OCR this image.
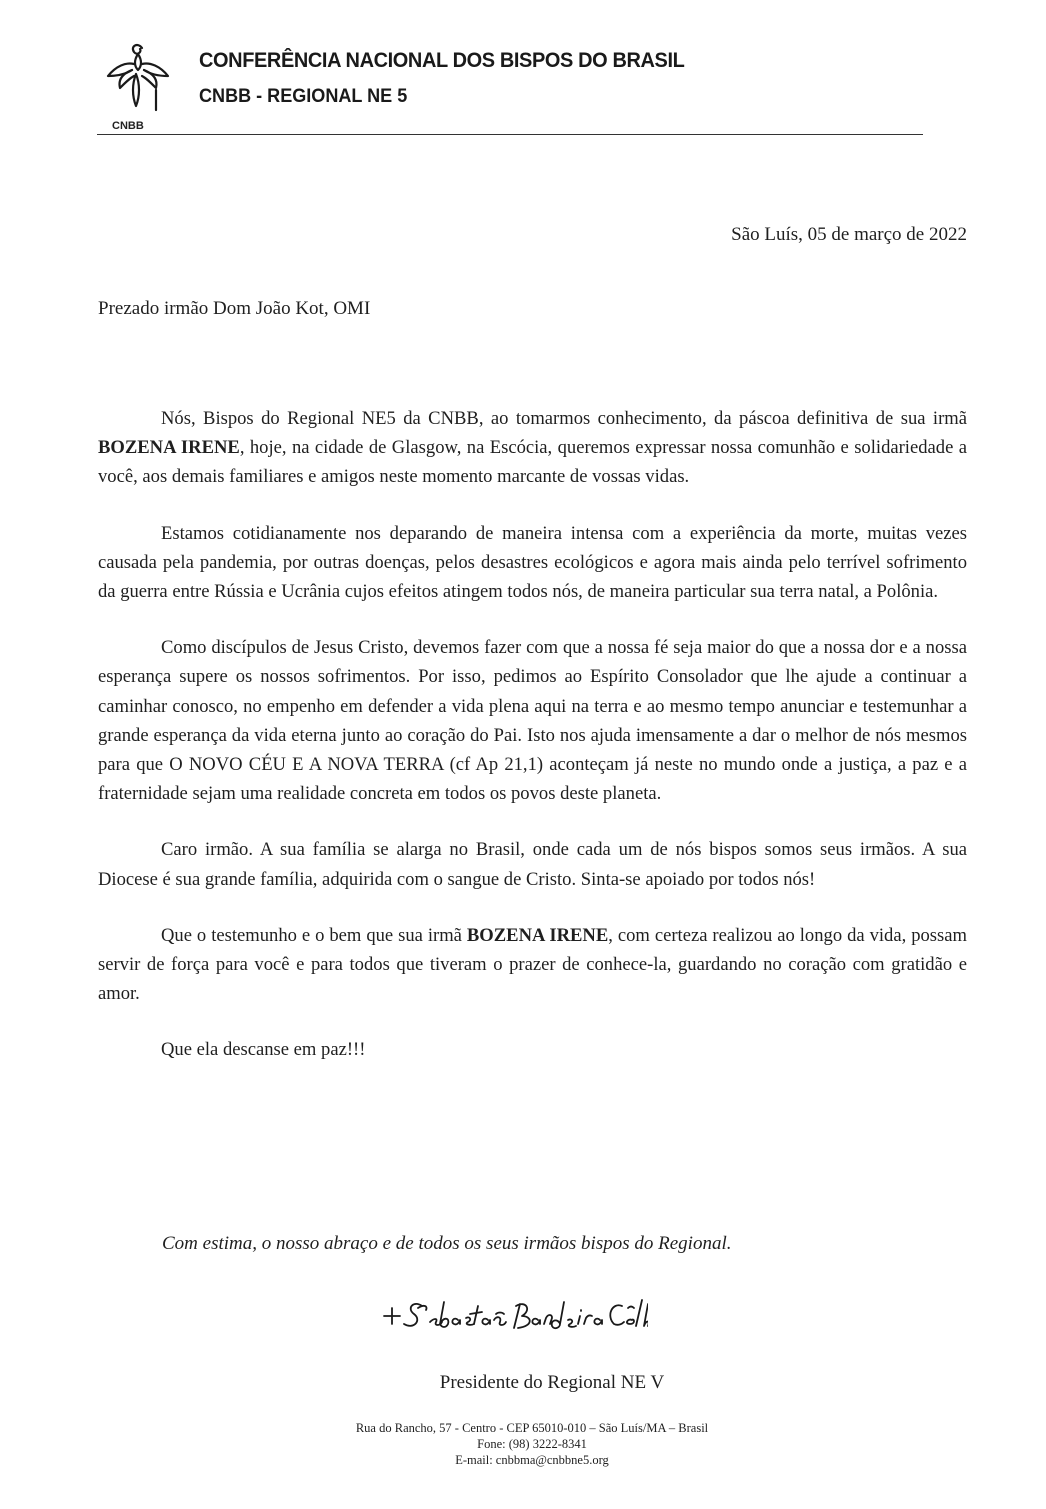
CNBB
CONFERÊNCIA NACIONAL DOS BISPOS DO BRASIL
CNBB - REGIONAL NE 5
São Luís, 05 de março de 2022
Prezado irmão Dom João Kot, OMI

Nós, Bispos do Regional NE5 da CNBB, ao tomarmos conhecimento, da páscoa definitiva de sua irmã BOZENA IRENE, hoje, na cidade de Glasgow, na Escócia, queremos expressar nossa comunhão e solidariedade a você, aos demais familiares e amigos neste momento marcante de vossas vidas.

Estamos cotidianamente nos deparando de maneira intensa com a experiência da morte, muitas vezes causada pela pandemia, por outras doenças, pelos desastres ecológicos e agora mais ainda pelo terrível sofrimento da guerra entre Rússia e Ucrânia cujos efeitos atingem todos nós, de maneira particular sua terra natal, a Polônia.

Como discípulos de Jesus Cristo, devemos fazer com que a nossa fé seja maior do que a nossa dor e a nossa esperança supere os nossos sofrimentos. Por isso, pedimos ao Espírito Consolador que lhe ajude a continuar a caminhar conosco, no empenho em defender a vida plena aqui na terra e ao mesmo tempo anunciar e testemunhar a grande esperança da vida eterna junto ao coração do Pai. Isto nos ajuda imensamente a dar o melhor de nós mesmos para que O NOVO CÉU E A NOVA TERRA (cf Ap 21,1) aconteçam já neste no mundo onde a justiça, a paz e a fraternidade sejam uma realidade concreta em todos os povos deste planeta.

Caro irmão. A sua família se alarga no Brasil, onde cada um de nós bispos somos seus irmãos. A sua Diocese é sua grande família, adquirida com o sangue de Cristo. Sinta-se apoiado por todos nós!

Que o testemunho e o bem que sua irmã BOZENA IRENE, com certeza realizou ao longo da vida, possam servir de força para você e para todos que tiveram o prazer de conhece-la, guardando no coração com gratidão e amor.

Que ela descanse em paz!!!

Com estima, o nosso abraço e de todos os seus irmãos bispos do Regional.
Presidente do Regional NE V
Rua do Rancho, 57 - Centro - CEP 65010-010 – São Luís/MA – Brasil
Fone: (98) 3222-8341
E-mail: cnbbma@cnbbne5.org
